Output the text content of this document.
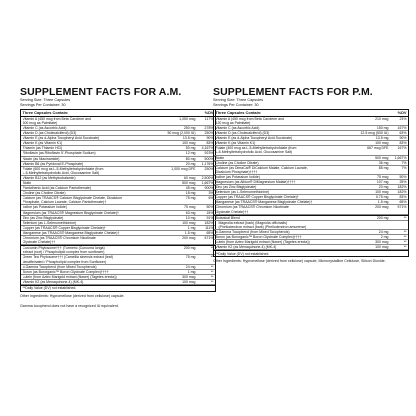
SUPPLEMENT FACTS FOR A.M.
Serving Size: Three Capsules
Servings Per Container: 30
Three Capsules Contain:	%DV
Vitamin A (450 mcg from Beta Carotene and
600 mcg as Palmitate)
1,050 mcg	117%
Vitamin C (as Ascorbic Acid)	250 mg	278%
Vitamin D (as Cholecalciferol) (D3)	50 mcg (2,000 IU)	250%
Vitamin E (as d-Alpha Tocopheryl Acid Succinate)	13.5 mg	90%
Vitamin K (as Vitamin K1)	100 mcg	83%
Thiamin (as Thiamin HCl)	50 mg	4,167%
Riboflavin (as Riboflavin 5'-Phosphate Sodium)	12 mg	923%
Niacin (as Niacinamide)	80 mg	500%
Vitamin B6 (as Pyridoxal 5'-Phosphate)	20 mg	1,176%
Folate (600 mcg as L-5-Methyltetrahydrofolate (from
L-5-Methyltetrahydrofolic Acid, Glucosamine Salt)
1,000 mcg DFE	250%
Vitamin B12 (as Methylcobalamin)	60 mcg	2,500%
Biotin	500 mcg	1,667%
Pantothenic Acid (as Calcium Pantothenate)	45 mg	900%
Choline (as Choline Citrate)	18 mg	3%
Calcium (as TRAACS® Calcium Bisglycinate Chelate, Dicalcium
Phosphate, Calcium Laurate, Calcium Pantothenate)†
75 mg	6%
Iodine (as Potassium Iodide)	75 mcg	50%
Magnesium (as TRAACS® Magnesium Bisglycinate Chelate)†	63 mg	15%
Zinc (as Zinc Bisglycinate)	10 mg	91%
Selenium (as L-Selenomethionine)	100 mcg	182%
Copper (as TRAACS® Copper Bisglycinate Chelate)†	1 mg	111%
Manganese (as TRAACS® Manganese Bisglycinate Chelate)†	1.5 mg	65%
Chromium (as TRAACS® Chromium Nicotinate
Glycinate Chelate)††
200 mcg	571%
Curcumin Phytosome††† (Turmeric (Curcuma longa)
extract (root) / Phospholipid complex from sunflower)
200 mg	**
Green Tea Phytosome††† (Camellia sinensis extract (leaf)
decaffeinated / Phospholipid complex from Sunflower)
75 mg	**
d-Gamma Tocopherol (from Mixed Tocopherols)	24 mg	**
Boron (as Bororganic™ Boron Glycinate Complex)††††	1 mg	**
Lutein (from Aztec Marigold extract (flower) (Tagetes erecta))	300 mcg	**
Vitamin K2 (as Menaquinone-4) (MK-4)	100 mcg	**
**Daily Value (DV) not established.
Other Ingredients: Hypromellose (derived from cellulose) capsule.
SUPPLEMENT FACTS FOR P.M.
Serving Size: Three Capsules
Servings Per Container: 30
Three Capsules Contain:	%DV
Vitamin A (450 mcg from Beta Carotene and
120 mcg as Palmitate)
210 mcg	23%
Vitamin C (as Ascorbic Acid)	150 mg	167%
Vitamin D (as Cholecalciferol) (D3)	12.5 mcg (500 IU)	63%
Vitamin E (as d-Alpha Tocopheryl Acid Succinate)	13.5 mg	90%
Vitamin K (as Vitamin K1)	100 mcg	83%
Folate (400 mcg as L-5-Methyltetrahydrofolate (from
L-5-Methyltetrahydrofolic Acid, Glucosamine Salt)
667 mcg DFE	167%
Biotin	500 mcg	1,667%
Choline (as Choline Citrate)	36 mg	7%
Calcium (as DimaCal® DiCalcium Malate, Calcium Laurate,
Dicalcium Phosphate)††††
85 mg	7%
Iodine (as Potassium Iodide)	75 mcg	50%
Magnesium (as Albion® DiMagnesium Malate)††††	107 mg	25%
Zinc (as Zinc Bisglycinate)	20 mg	182%
Selenium (as L-Selenomethionine)	100 mcg	182%
Copper (as TRAACS® Copper Bisglycinate Chelate)†	0.75 mg	83%
Manganese (as TRAACS® Manganese Bisglycinate Chelate)†	1.5 mg	65%
Chromium (as TRAACS® Chromium Nicotinate
Glycinate Chelate)††
200 mcg	571%
Botanical Blend	200 mg	**
Magnolia extract (bark) (Magnolia officinalis)
(Phellodendron extract (bark) (Phellodendron amurense)
d-Gamma Tocopherol (from Mixed Tocopherols)	24 mg	**
Boron (as Bororganic™ Boron Glycinate Complex)††††	2 mg	**
Lutein (from Aztec Marigold extract (flower) (Tagetes erecta))	300 mcg	**
Vitamin K2 (as Menaquinone-4) (MK-4)	100 mcg	**
**Daily Value (DV) not established.
Other Ingredients: Hypromellose (derived from cellulose) capsule, Microcrystalline Cellulose, Silicon Dioxide.
Gamma tocopherol does not have a recognized IU equivalent.
